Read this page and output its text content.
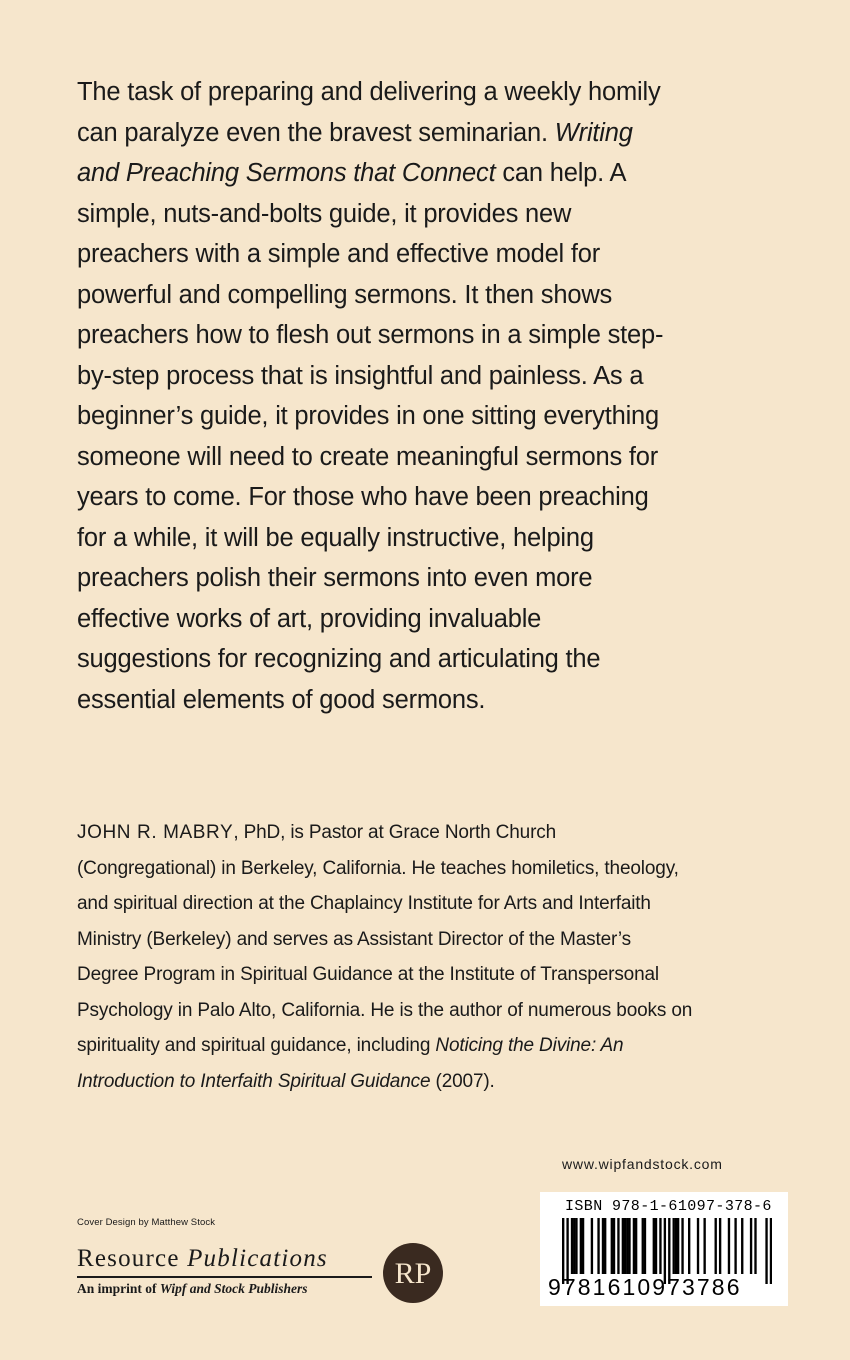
The task of preparing and delivering a weekly homily can paralyze even the bravest seminarian. Writing and Preaching Sermons that Connect can help. A simple, nuts-and-bolts guide, it provides new preachers with a simple and effective model for powerful and compelling sermons. It then shows preachers how to flesh out sermons in a simple step-by-step process that is insightful and painless. As a beginner’s guide, it provides in one sitting everything someone will need to create meaningful sermons for years to come. For those who have been preaching for a while, it will be equally instructive, helping preachers polish their sermons into even more effective works of art, providing invaluable suggestions for recognizing and articulating the essential elements of good sermons.

JOHN R. MABRY, PhD, is Pastor at Grace North Church (Congregational) in Berkeley, California. He teaches homiletics, theology, and spiritual direction at the Chaplaincy Institute for Arts and Interfaith Ministry (Berkeley) and serves as Assistant Director of the Master’s Degree Program in Spiritual Guidance at the Institute of Transpersonal Psychology in Palo Alto, California. He is the author of numerous books on spirituality and spiritual guidance, including Noticing the Divine: An Introduction to Interfaith Spiritual Guidance (2007).

www.wipfandstock.com
Cover Design by Matthew Stock
Resource Publications
An imprint of Wipf and Stock Publishers	RP
ISBN 978-1-61097-378-6
9781610973786
